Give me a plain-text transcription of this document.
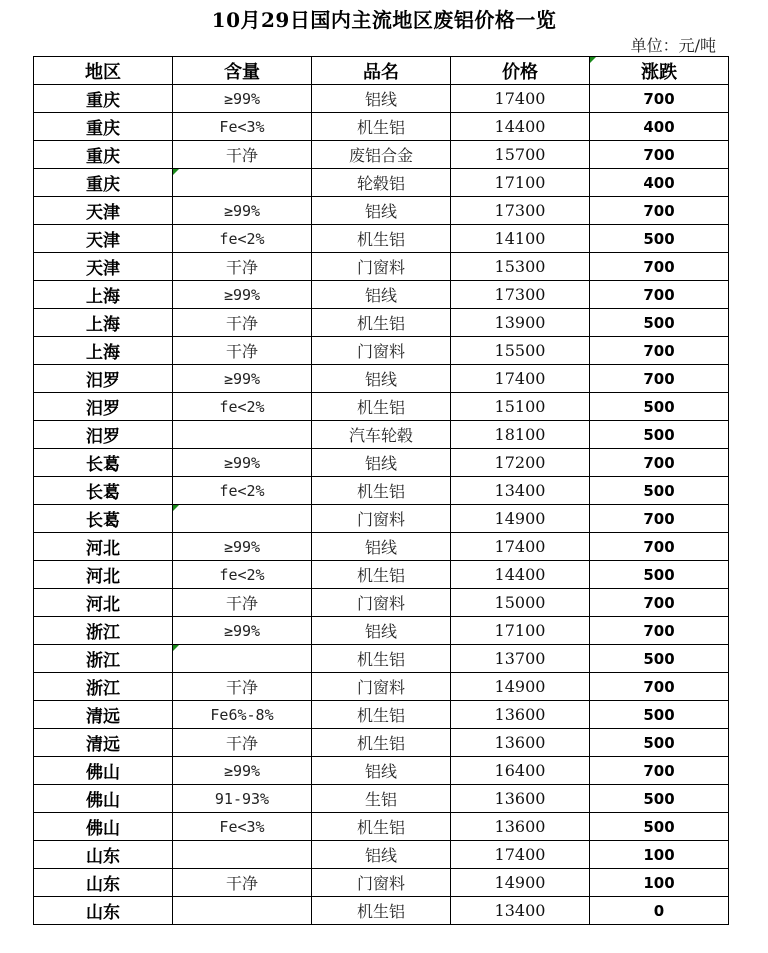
10月29日国内主流地区废铝价格一览
单位：元/吨
地区	含量	品名	价格	涨跌
重庆	≥99%	铝线	17400	700
重庆	Fe<3%	机生铝	14400	400
重庆	干净	废铝合金	15700	700
重庆		轮毂铝	17100	400
天津	≥99%	铝线	17300	700
天津	fe<2%	机生铝	14100	500
天津	干净	门窗料	15300	700
上海	≥99%	铝线	17300	700
上海	干净	机生铝	13900	500
上海	干净	门窗料	15500	700
汨罗	≥99%	铝线	17400	700
汨罗	fe<2%	机生铝	15100	500
汨罗		汽车轮毂	18100	500
长葛	≥99%	铝线	17200	700
长葛	fe<2%	机生铝	13400	500
长葛		门窗料	14900	700
河北	≥99%	铝线	17400	700
河北	fe<2%	机生铝	14400	500
河北	干净	门窗料	15000	700
浙江	≥99%	铝线	17100	700
浙江		机生铝	13700	500
浙江	干净	门窗料	14900	700
清远	Fe6%-8%	机生铝	13600	500
清远	干净	机生铝	13600	500
佛山	≥99%	铝线	16400	700
佛山	91-93%	生铝	13600	500
佛山	Fe<3%	机生铝	13600	500
山东		铝线	17400	100
山东	干净	门窗料	14900	100
山东		机生铝	13400	0
